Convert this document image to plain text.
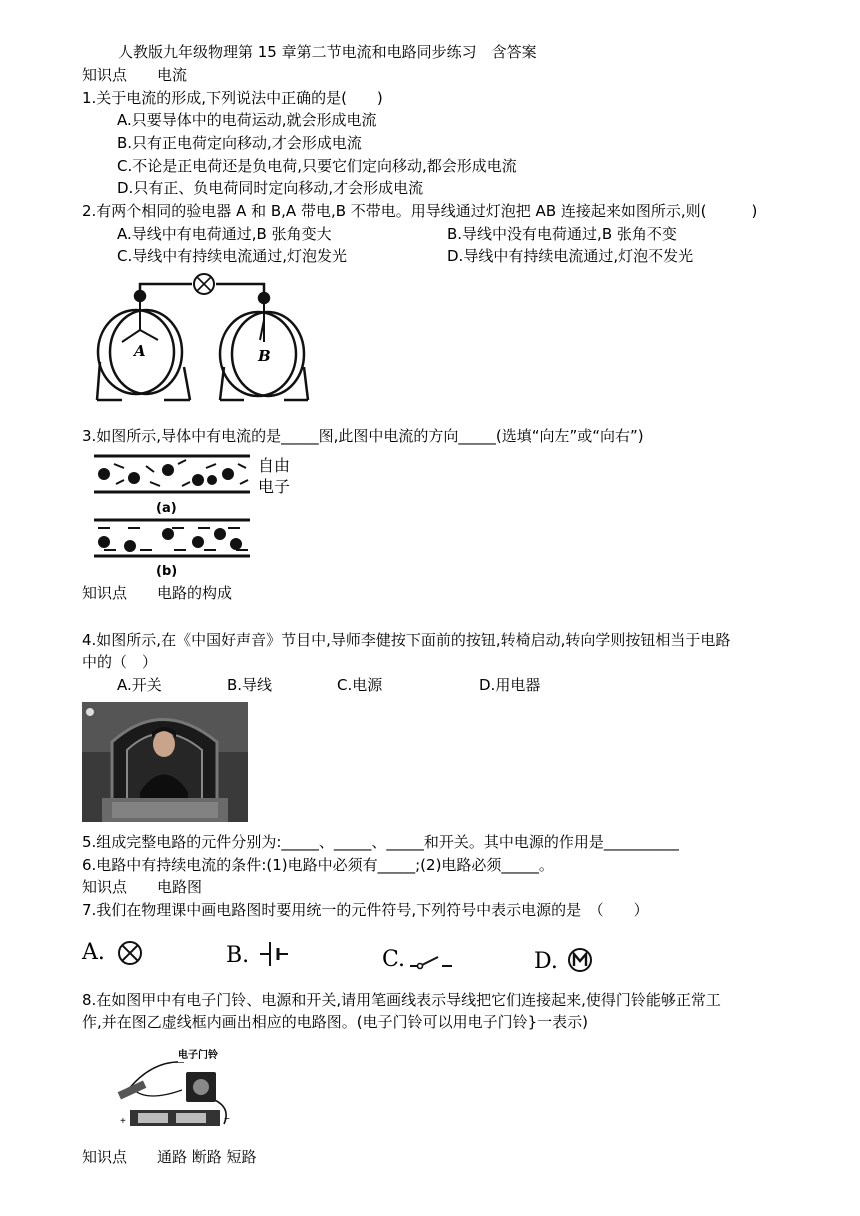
人教版九年级物理第 15 章第二节电流和电路同步练习　含答案
知识点　　电流
1.关于电流的形成,下列说法中正确的是(　　)
A.只要导体中的电荷运动,就会形成电流
B.只有正电荷定向移动,才会形成电流
C.不论是正电荷还是负电荷,只要它们定向移动,都会形成电流
D.只有正、负电荷同时定向移动,才会形成电流
2.有两个相同的验电器 A 和 B,A 带电,B 不带电。用导线通过灯泡把 AB 连接起来如图所示,则(　　　)
A.导线中有电荷通过,B 张角变大	B.导线中没有电荷通过,B 张角不变
C.导线中有持续电流通过,灯泡发光	D.导线中有持续电流通过,灯泡不发光
A	B
3.如图所示,导体中有电流的是_____图,此图中电流的方向_____(选填“向左”或“向右”)
自由
电子
(a)
(b)
知识点　　电路的构成
4.如图所示,在《中国好声音》节目中,导师李健按下面前的按钮,转椅启动,转向学则按钮相当于电路
中的（　）
A.开关	B.导线	C.电源	D.用电器
5.组成完整电路的元件分别为:_____、_____、_____和开关。其中电源的作用是__________
6.电路中有持续电流的条件:(1)电路中必须有_____;(2)电路必须_____。
知识点　　电路图
7.我们在物理课中画电路图时要用统一的元件符号,下列符号中表示电源的是　（　　）
A.	B.	C.	D.
8.在如图甲中有电子门铃、电源和开关,请用笔画线表示导线把它们连接起来,使得门铃能够正常工
作,并在图乙虚线框内画出相应的电路图。(电子门铃可以用电子门铃}一表示)
+	−
电子门铃
知识点　　通路 断路 短路
